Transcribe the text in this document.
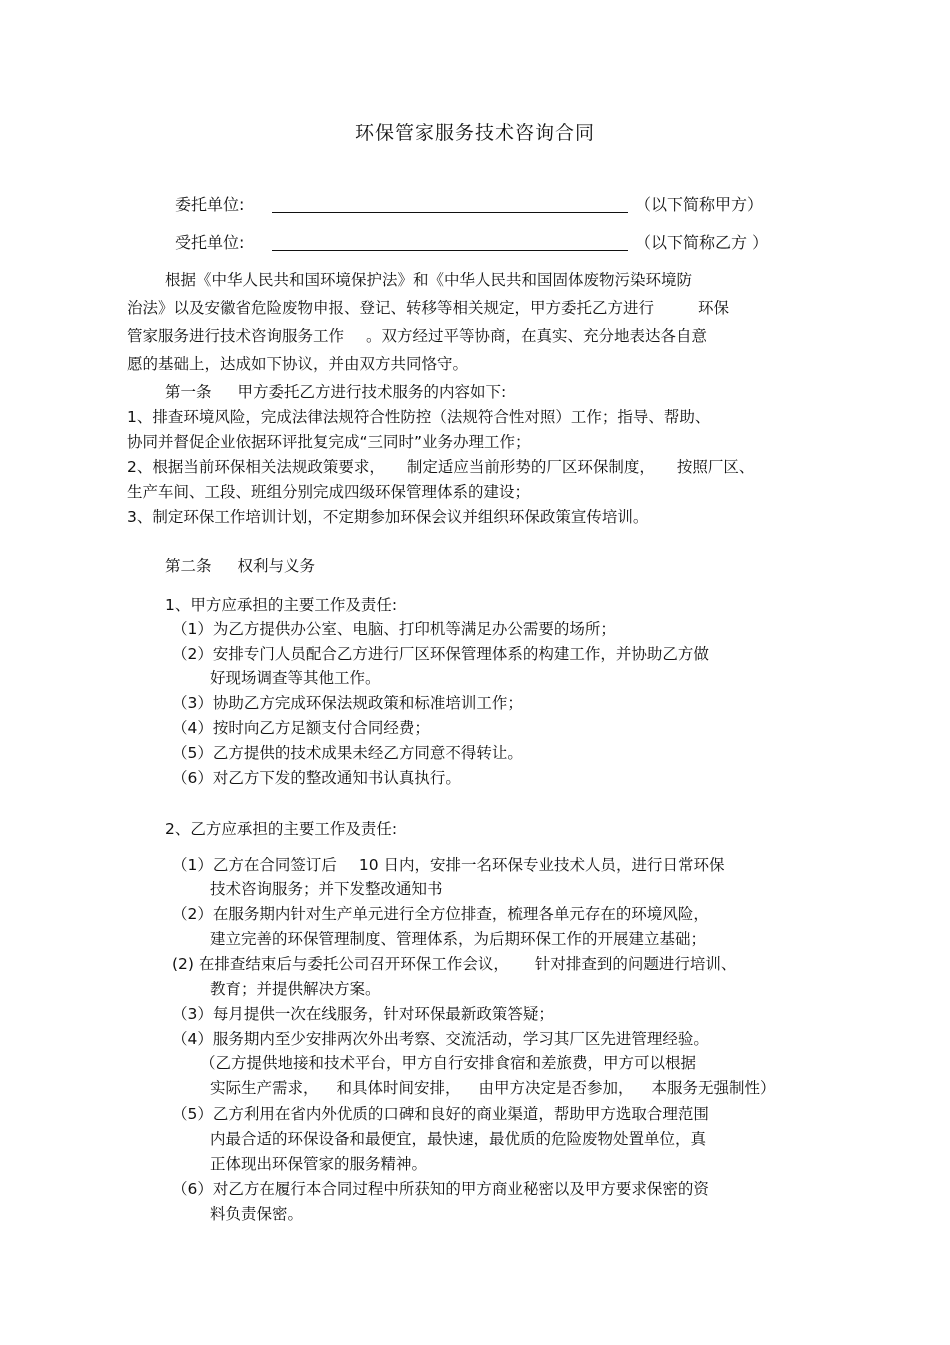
环保管家服务技术咨询合同
委托单位:	（以下简称甲方）
受托单位:	（以下简称乙方 ）
根据《中华人民共和国环境保护法》和《中华人民共和国固体废物污染环境防
治法》以及安徽省危险废物申报、登记、转移等相关规定，甲方委托乙方进行	环保
管家服务进行技术咨询服务工作 。双方经过平等协商，在真实、充分地表达各自意
愿的基础上，达成如下协议，并由双方共同恪守。
第一条 甲方委托乙方进行技术服务的内容如下:
1、排查环境风险，完成法律法规符合性防控（法规符合性对照）工作；指导、帮助、
协同并督促企业依据环评批复完成“三同时”业务办理工作；
2、根据当前环保相关法规政策要求， 制定适应当前形势的厂区环保制度， 按照厂区、
生产车间、工段、班组分别完成四级环保管理体系的建设；
3、制定环保工作培训计划，不定期参加环保会议并组织环保政策宣传培训。
第二条 权利与义务
1、甲方应承担的主要工作及责任:
（1）为乙方提供办公室、电脑、打印机等满足办公需要的场所；
（2）安排专门人员配合乙方进行厂区环保管理体系的构建工作，并协助乙方做
好现场调查等其他工作。
（3）协助乙方完成环保法规政策和标准培训工作；
（4）按时向乙方足额支付合同经费；
（5）乙方提供的技术成果未经乙方同意不得转让。
（6）对乙方下发的整改通知书认真执行。
2、乙方应承担的主要工作及责任:
（1）乙方在合同签订后 10 日内，安排一名环保专业技术人员，进行日常环保
技术咨询服务；并下发整改通知书
（2）在服务期内针对生产单元进行全方位排查，梳理各单元存在的环境风险，
建立完善的环保管理制度、管理体系，为后期环保工作的开展建立基础；
(2) 在排查结束后与委托公司召开环保工作会议， 针对排查到的问题进行培训、
教育；并提供解决方案。
（3）每月提供一次在线服务，针对环保最新政策答疑；
（4）服务期内至少安排两次外出考察、交流活动，学习其厂区先进管理经验。
（乙方提供地接和技术平台，甲方自行安排食宿和差旅费，甲方可以根据
实际生产需求， 和具体时间安排， 由甲方决定是否参加， 本服务无强制性）
（5）乙方利用在省内外优质的口碑和良好的商业渠道，帮助甲方选取合理范围
内最合适的环保设备和最便宜，最快速，最优质的危险废物处置单位，真
正体现出环保管家的服务精神。
（6）对乙方在履行本合同过程中所获知的甲方商业秘密以及甲方要求保密的资
料负责保密。
